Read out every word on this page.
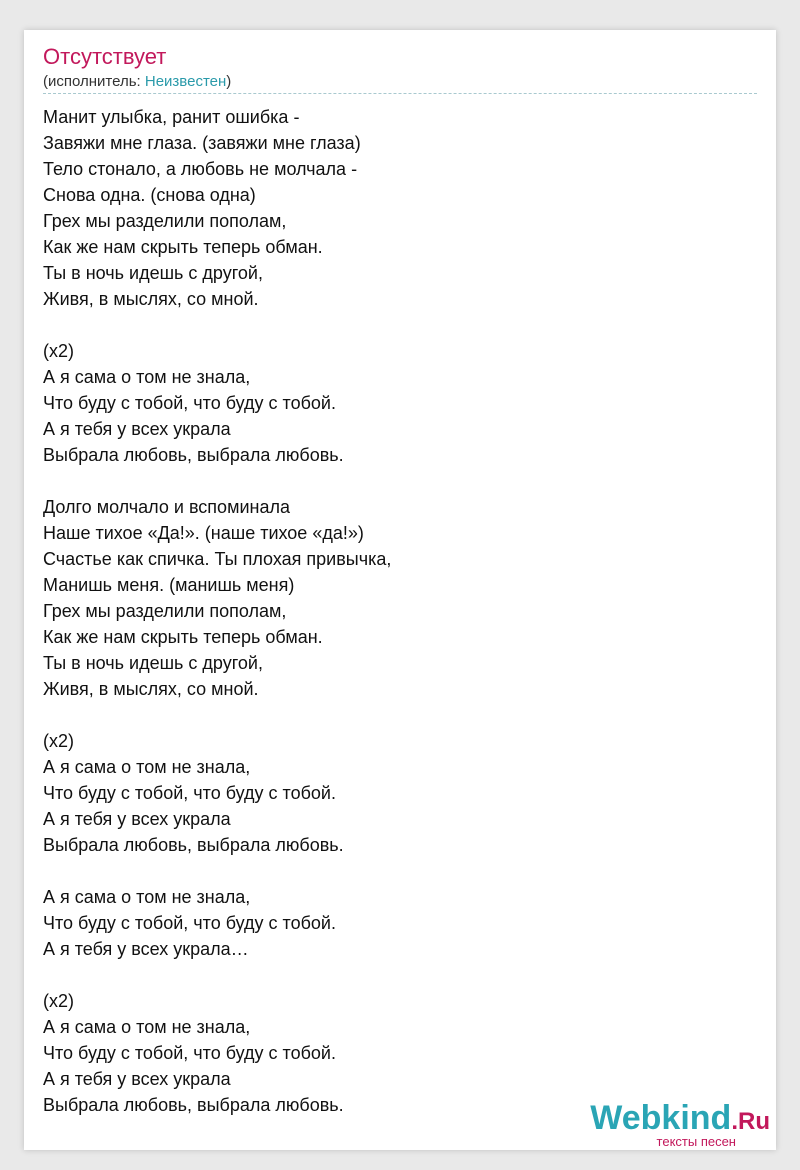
Отсутствует
(исполнитель: Неизвестен)
Манит улыбка, ранит ошибка -
Завяжи мне глаза. (завяжи мне глаза)
Тело стонало, а любовь не молчала -
Снова одна. (снова одна)
Грех мы разделили пополам,
Как же нам скрыть теперь обман.
Ты в ночь идешь с другой,
Живя, в мыслях, со мной.
(x2)
А я сама о том не знала,
Что буду с тобой, что буду с тобой.
А я тебя у всех украла
Выбрала любовь, выбрала любовь.
Долго молчало и вспоминала
Наше тихое «Да!». (наше тихое «да!»)
Счастье как спичка. Ты плохая привычка,
Манишь меня. (манишь меня)
Грех мы разделили пополам,
Как же нам скрыть теперь обман.
Ты в ночь идешь с другой,
Живя, в мыслях, со мной.
(x2)
А я сама о том не знала,
Что буду с тобой, что буду с тобой.
А я тебя у всех украла
Выбрала любовь, выбрала любовь.
А я сама о том не знала,
Что буду с тобой, что буду с тобой.
А я тебя у всех украла…
(x2)
А я сама о том не знала,
Что буду с тобой, что буду с тобой.
А я тебя у всех украла
Выбрала любовь, выбрала любовь.	Webkind.Ru
тексты песен
